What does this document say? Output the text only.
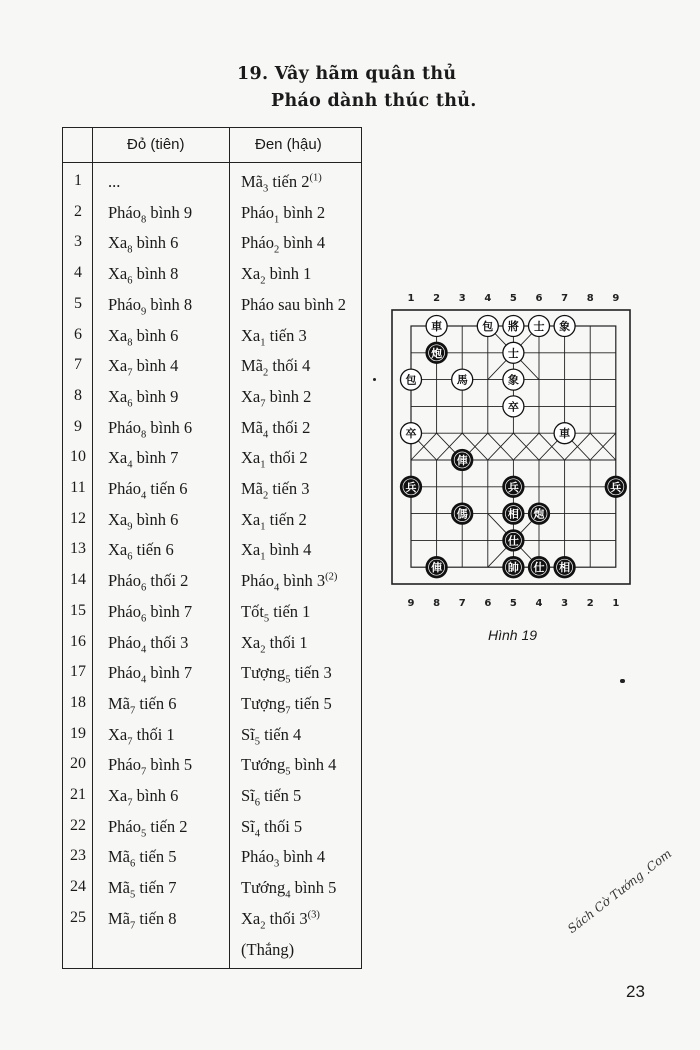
19. Vây hãm quân thủ
Pháo dành thúc thủ.
Đỏ (tiên)	Đen (hậu)
1	...	$Mã_3$ tiến 2$^{(1)}$
2	Pháo$_8$ bình 9	Pháo$_1$ bình 2
3	$Xa_8$ bình 6	Pháo$_2$ bình 4
4	$Xa_6$ bình 8	$Xa_2$ bình 1
5	Pháo$_9$ bình 8	Pháo sau bình 2
6	$Xa_8$ bình 6	$Xa_1$ tiến 3
7	$Xa_7$ bình 4	$Mã_2$ thối 4
8	$Xa_6$ bình 9	$Xa_7$ bình 2
9	Pháo$_8$ bình 6	$Mã_4$ thối 2
10	$Xa_4$ bình 7	$Xa_1$ thối 2
11	Pháo$_4$ tiến 6	$Mã_2$ tiến 3
12	$Xa_9$ bình 6	$Xa_1$ tiến 2
13	$Xa_6$ tiến 6	$Xa_1$ bình 4
14	Pháo$_6$ thối 2	Pháo$_4$ bình 3$^{(2)}$
15	Pháo$_6$ bình 7	Tốt$_5$ tiến 1
16	Pháo$_4$ thối 3	$Xa_2$ thối 1
17	Pháo$_4$ bình 7	Tượng$_5$ tiến 3
18	$Mã_7$ tiến 6	Tượng$_7$ tiến 5
19	$Xa_7$ thối 1	$Sĩ_5$ tiến 4
20	Pháo$_7$ bình 5	Tướng$_5$ bình 4
21	$Xa_7$ bình 6	$Sĩ_6$ tiến 5
22	Pháo$_5$ tiến 2	$Sĩ_4$ thối 5
23	$Mã_6$ tiến 5	Pháo$_3$ bình 4
24	$Mã_5$ tiến 7	Tướng$_4$ bình 5
25	$Mã_7$ tiến 8	$Xa_2$ thối 3$^{(3)}$
(Thắng)
1 2 3 4 5 6 7 8 9
9 8 7 6 5 4 3 2 1
車	包 將 士 象
士
炮
包	馬	象
卒
卒	車
俥
兵	兵	兵
傌	相 炮
仕
俥	帥 仕 相
Hình 19
Sách Cờ Tướng .Com
23
